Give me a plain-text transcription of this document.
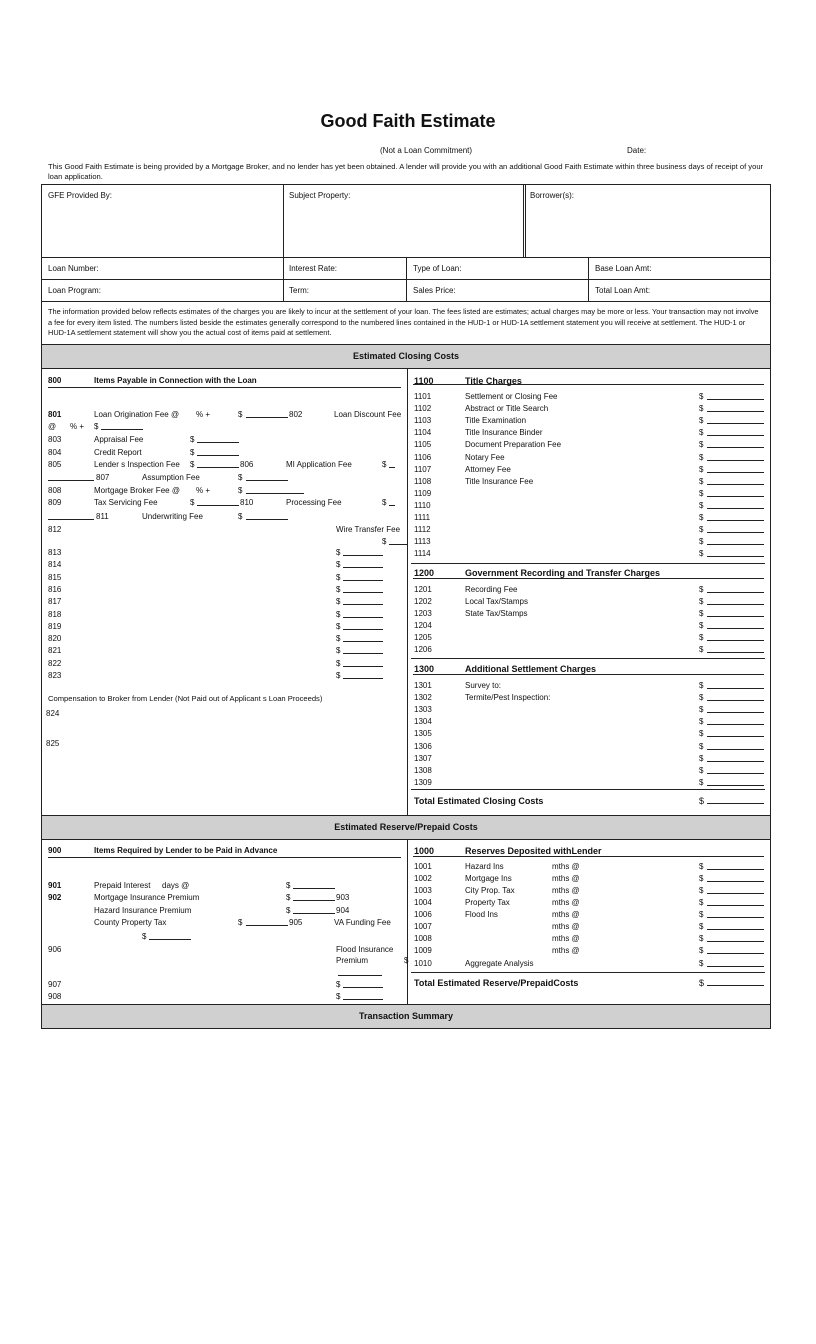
Good Faith Estimate
(Not a Loan Commitment)	Date:
This Good Faith Estimate is being provided by a Mortgage Broker, and no lender has yet been obtained. A lender will provide you with an additional Good Faith Estimate within three business days of receipt of your loan application.
GFE Provided By:	Subject Property:	Borrower(s):
Loan Number:	Interest Rate:	Type of Loan:	Base Loan Amt:
Loan Program:	Term:	Sales Price:	Total Loan Amt:
The information provided below reflects estimates of the charges you are likely to incur at the settlement of your loan. The fees listed are estimates; actual charges may be more or less. Your transaction may not involve a fee for every item listed. The numbers listed beside the estimates generally correspond to the numbered lines contained in the HUD-1 or HUD-1A settlement statement you will receive at settlement. The HUD-1 or HUD-1A settlement statement will show you the actual cost of items paid at settlement.
Estimated Closing Costs
800	Items Payable in Connection with the Loan
801	Loan Origination Fee @ % +	$	802	Loan Discount Fee
@ % + $
803	Appraisal Fee	$
804	Credit Report	$
805	Lender s Inspection Fee $	806	MI Application Fee	$
807	Assumption Fee	$
808	Mortgage Broker Fee @ % +	$
809	Tax Servicing Fee	$	810	Processing Fee	$
811	Underwriting Fee	$
812	Wire Transfer Fee
$
813	$
814	$
815	$
816	$
817	$
818	$
819	$
820	$
821	$
822	$
823	$
Compensation to Broker from Lender (Not Paid out of Applicant s Loan Proceeds)
824
825
1100	Title Charges
1101	Settlement or Closing Fee	$
1102	Abstract or Title Search	$
1103	Title Examination	$
1104	Title Insurance Binder	$
1105	Document Preparation Fee	$
1106	Notary Fee	$
1107	Attorney Fee	$
1108	Title Insurance Fee	$
1109	$
1110	$
1111	$
1112	$
1113	$
1114	$
1200	Government Recording and Transfer Charges
1201	Recording Fee	$
1202	Local Tax/Stamps	$
1203	State Tax/Stamps	$
1204	$
1205	$
1206	$
1300	Additional Settlement Charges
1301	Survey to:	$
1302	Termite/Pest Inspection:	$
1303	$
1304	$
1305	$
1306	$
1307	$
1308	$
1309	$
Total Estimated Closing Costs	$
Estimated Reserve/Prepaid Costs
900	Items Required by Lender to be Paid in Advance
901	Prepaid Interest days @	$
902	Mortgage Insurance Premium	$	903
Hazard Insurance Premium	$	904
County Property Tax	$	905	VA Funding Fee
$
906	Flood Insurance
Premium	$
907	$
908	$
1000	Reserves Deposited withLender
1001	Hazard Ins	mths @	$
1002	Mortgage Ins	mths @	$
1003	City Prop. Tax	mths @	$
1004	Property Tax	mths @	$
1006	Flood Ins	mths @	$
1007	mths @	$
1008	mths @	$
1009	mths @	$
1010	Aggregate Analysis	$
Total Estimated Reserve/PrepaidCosts	$
Transaction Summary
